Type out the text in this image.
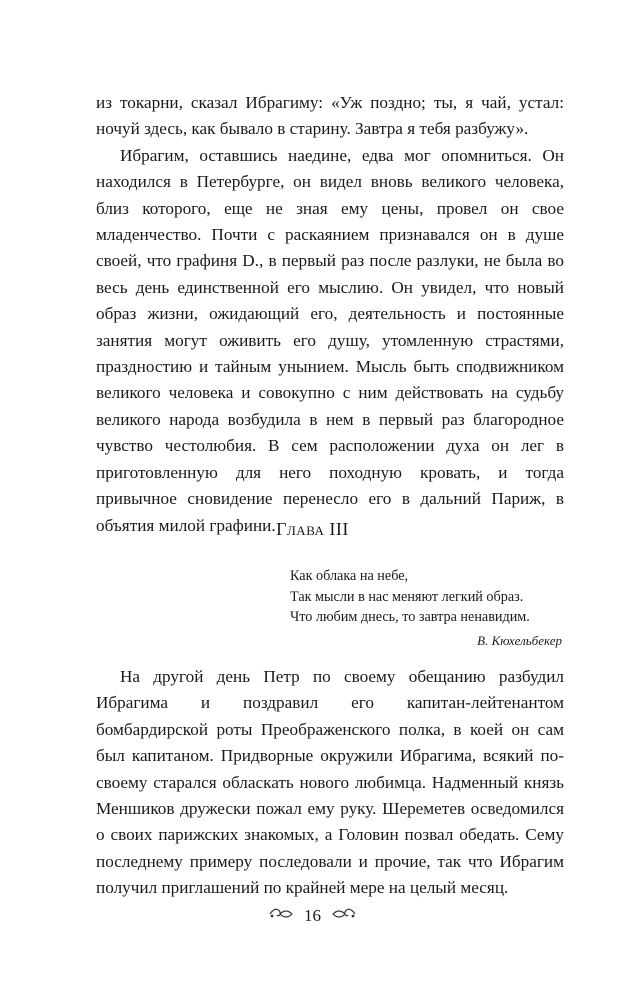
из токарни, сказал Ибрагиму: «Уж поздно; ты, я чай, устал: ночуй здесь, как бывало в старину. Завтра я тебя разбужу».

Ибрагим, оставшись наедине, едва мог опомниться. Он находился в Петербурге, он видел вновь великого человека, близ которого, еще не зная ему цены, провел он свое младенчество. Почти с раскаянием признавался он в душе своей, что графиня D., в первый раз после разлуки, не была во весь день единственной его мыслию. Он увидел, что новый образ жизни, ожидающий его, деятельность и постоянные занятия могут оживить его душу, утомленную страстями, праздностию и тайным унынием. Мысль быть сподвижником великого человека и совокупно с ним действовать на судьбу великого народа возбудила в нем в первый раз благородное чувство честолюбия. В сем расположении духа он лег в приготовленную для него походную кровать, и тогда привычное сновидение перенесло его в дальний Париж, в объятия милой графини. Глава III
Как облака на небе,
Так мысли в нас меняют легкий образ.
Что любим днесь, то завтра ненавидим.
В. Кюхельбекер

На другой день Петр по своему обещанию разбудил Ибрагима и поздравил его капитан-лейтенантом бомбардирской роты Преображенского полка, в коей он сам был капитаном. Придворные окружили Ибрагима, всякий по-своему старался обласкать нового любимца. Надменный князь Меншиков дружески пожал ему руку. Шереметев осведомился о своих парижских знакомых, а Головин позвал обедать. Сему последнему примеру последовали и прочие, так что Ибрагим получил приглашений по крайней мере на целый месяц.

16
